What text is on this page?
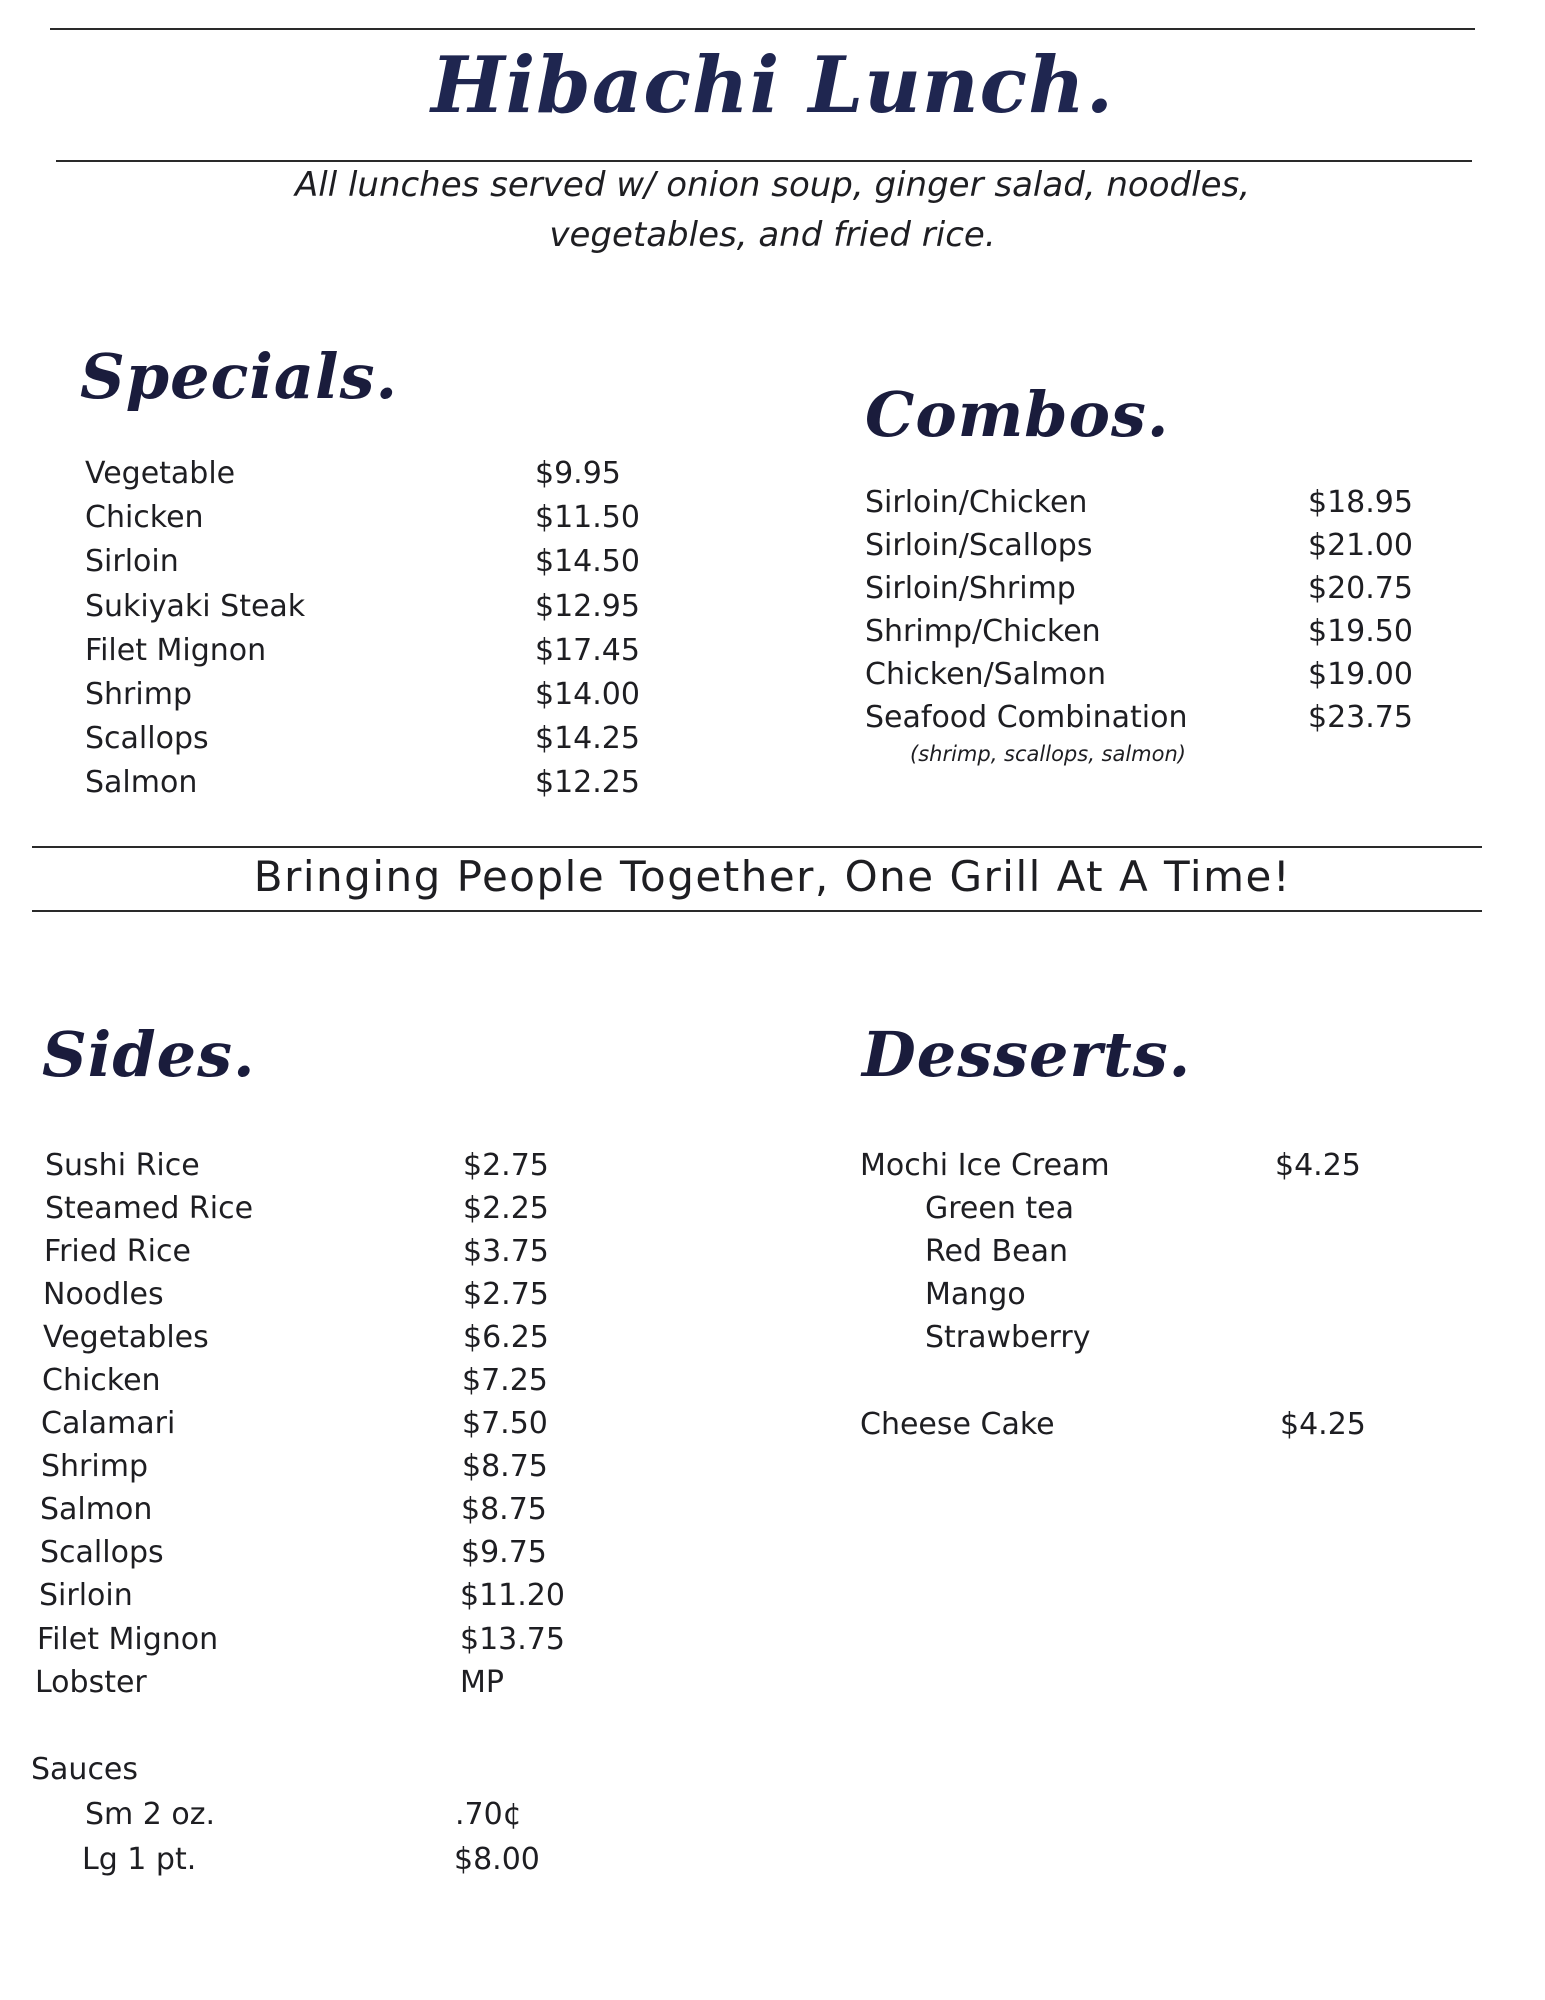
Hibachi Lunch.
All lunches served w/ onion soup, ginger salad, noodles,
vegetables, and fried rice.
Specials.
Vegetable	$9.95
Chicken	$11.50
Sirloin	$14.50
Sukiyaki Steak	$12.95
Filet Mignon	$17.45
Shrimp	$14.00
Scallops	$14.25
Salmon	$12.25
Combos.
Sirloin/Chicken	$18.95
Sirloin/Scallops	$21.00
Sirloin/Shrimp	$20.75
Shrimp/Chicken	$19.50
Chicken/Salmon	$19.00
Seafood Combination	$23.75
(shrimp, scallops, salmon)
Bringing People Together, One Grill At A Time!
Sides.
Sushi Rice	$2.75
Steamed Rice	$2.25
Fried Rice	$3.75
Noodles	$2.75
Vegetables	$6.25
Chicken	$7.25
Calamari	$7.50
Shrimp	$8.75
Salmon	$8.75
Scallops	$9.75
Sirloin	$11.20
Filet Mignon	$13.75
Lobster	MP
Sauces
Sm 2 oz.	.70¢
Lg 1 pt.	$8.00
Desserts.
Mochi Ice Cream	$4.25
Green tea
Red Bean
Mango
Strawberry
Cheese Cake	$4.25
